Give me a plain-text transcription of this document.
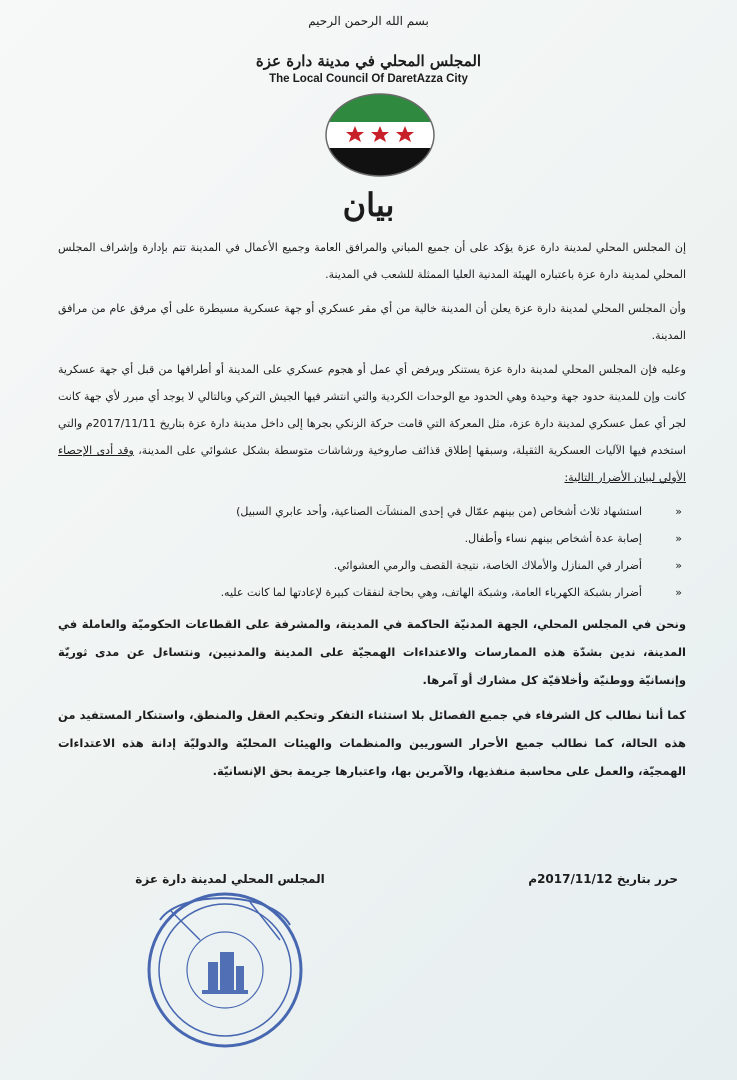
بسم الله الرحمن الرحيم
المجلس المحلي في مدينة دارة عزة
The Local Council Of DaretAzza City
بيان

إن المجلس المحلي لمدينة دارة عزة يؤكد على أن جميع المباني والمرافق العامة وجميع الأعمال في المدينة تتم بإدارة وإشراف المجلس المحلي لمدينة دارة عزة باعتباره الهيئة المدنية العليا الممثلة للشعب في المدينة.

وأن المجلس المحلي لمدينة دارة عزة يعلن أن المدينة خالية من أي مقر عسكري أو جهة عسكرية مسيطرة على أي مرفق عام من مرافق المدينة.

وعليه فإن المجلس المحلي لمدينة دارة عزة يستنكر ويرفض أي عمل أو هجوم عسكري على المدينة أو أطرافها من قبل أي جهة عسكرية كانت وإن للمدينة حدود جهة وحيدة وهي الحدود مع الوحدات الكردية والتي انتشر فيها الجيش التركي وبالتالي لا يوجد أي مبرر لأي جهة كانت لجر أي عمل عسكري لمدينة دارة عزة، مثل المعركة التي قامت حركة الزنكي بجرها إلى داخل مدينة دارة عزة بتاريخ 2017/11/11م والتي استخدم فيها الآليات العسكرية الثقيلة، وسبقها إطلاق قذائف صاروخية ورشاشات متوسطة بشكل عشوائي على المدينة، وقد أدى الإحصاء الأولي لبيان الأضرار التالية:

«
استشهاد ثلاث أشخاص (من بينهم عمّال في إحدى المنشآت الصناعية، وأحد عابري السبيل)
«
إصابة عدة أشخاص بينهم نساء وأطفال.
«
أضرار في المنازل والأملاك الخاصة، نتيجة القصف والرمي العشوائي.
«
أضرار بشبكة الكهرباء العامة، وشبكة الهاتف، وهي بحاجة لنفقات كبيرة لإعادتها لما كانت عليه.

ونحن في المجلس المحلي، الجهة المدنيّة الحاكمة في المدينة، والمشرفة على القطاعات الحكوميّة والعاملة في المدينة، ندين بشدّة هذه الممارسات والاعتداءات الهمجيّة على المدينة والمدنيين، ونتساءل عن مدى ثوريّة وإنسانيّة ووطنيّة وأخلاقيّة كل مشارك أو آمرها.

كما أننا نطالب كل الشرفاء في جميع الفصائل بلا استثناء التفكر وتحكيم العقل والمنطق، واستنكار المستفيد من هذه الحالة، كما نطالب جميع الأحرار السوريين والمنظمات والهيئات المحليّة والدوليّة إدانة هذه الاعتداءات الهمجيّة، والعمل على محاسبة منفذيها، والآمرين بها، واعتبارها جريمة بحق الإنسانيّة.

حرر بتاريخ 2017/11/12م
المجلس المحلي لمدينة دارة عزة
